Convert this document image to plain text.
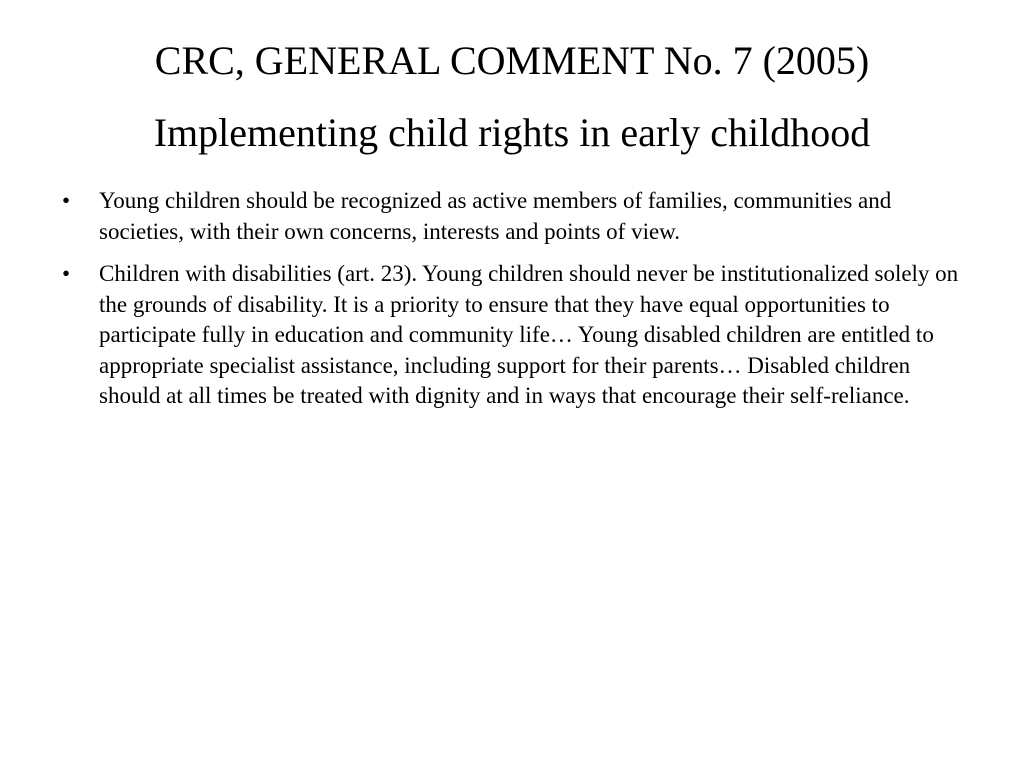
CRC, GENERAL COMMENT No. 7 (2005)

Implementing child rights in early childhood

•	Young children should be recognized as active members of families, communities and societies, with their own concerns, interests and points of view.
•	Children with disabilities (art. 23). Young children should never be institutionalized solely on the grounds of disability. It is a priority to ensure that they have equal opportunities to participate fully in education and community life… Young disabled children are entitled to appropriate specialist assistance, including support for their parents… Disabled children should at all times be treated with dignity and in ways that encourage their self-reliance.
